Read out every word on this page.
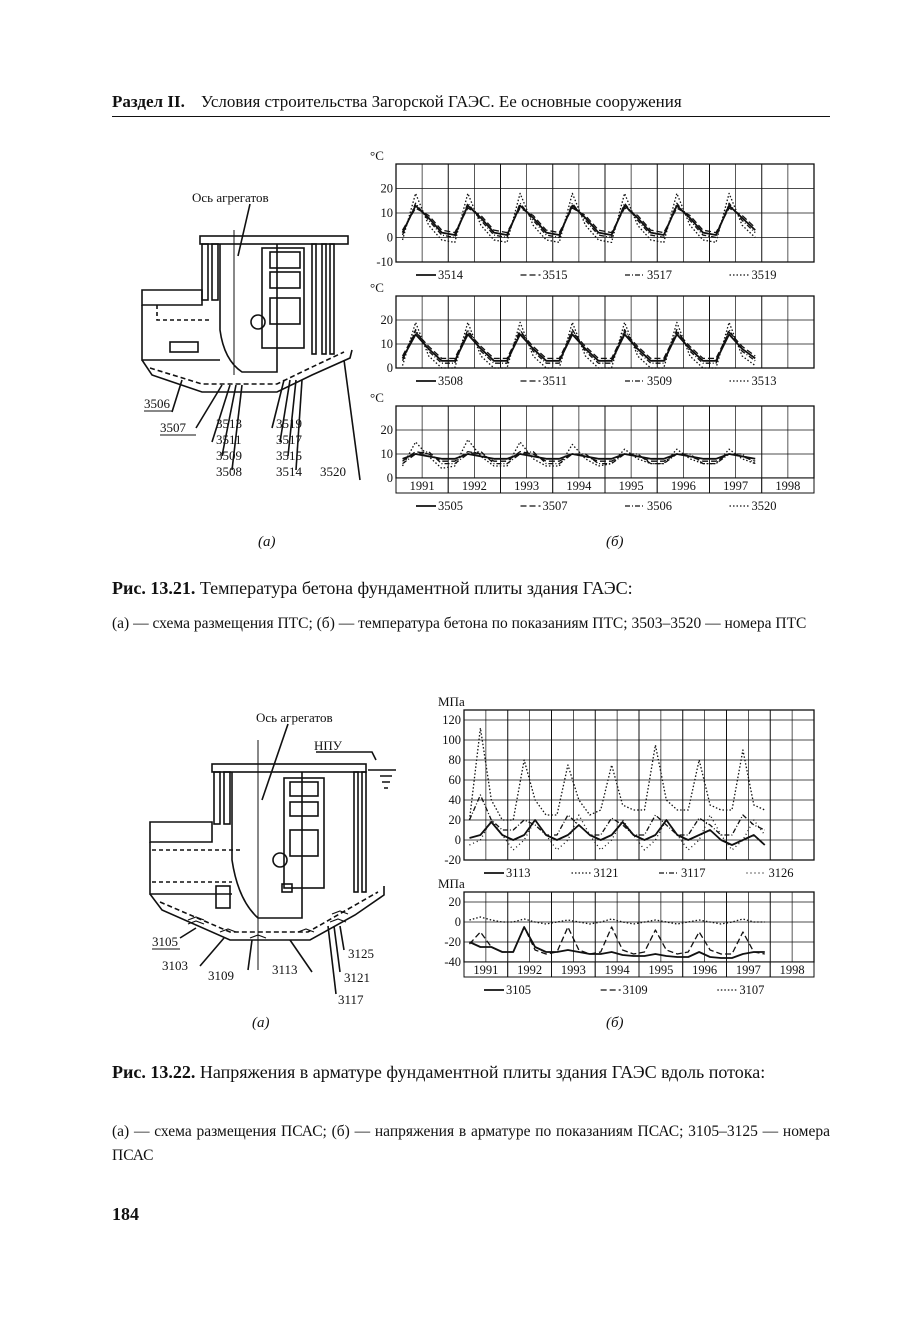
Раздел II. Условия строительства Загорской ГАЭС. Ее основные сооружения
Ось агрегатов
3506
3507 3513
3511
3509
3508
3519
3517
3515
3514 3520
(а)
20
10
0
-10
°C
3514	3515	3517	3519
20
10
0
°C
3508	3511	3509	3513
20
10
0
°C
1991 1992 1993 1994 1995 1996 1997 1998
3505	3507	3506	3520
(б)
Рис. 13.21. Температура бетона фундаментной плиты здания ГАЭС:
(а) — схема размещения ПТС; (б) — температура бетона по показаниям ПТС; 3503–3520 — номера ПТС
Ось агрегатов
НПУ
3105
3103
3109	3113
3125
3121
3117
(а)
120
100
80
60
40
20
0
-20
МПа
3113	3121	3117	3126
20
0
-20
-40
МПа
1991 1992 1993 1994 1995 1996 1997 1998
3105	3109	3107
(б)
Рис. 13.22. Напряжения в арматуре фундаментной плиты здания ГАЭС вдоль потока:
(а) — схема размещения ПСАС; (б) — напряжения в арматуре по показаниям ПСАС; 3105–3125 — номера ПСАС
184
